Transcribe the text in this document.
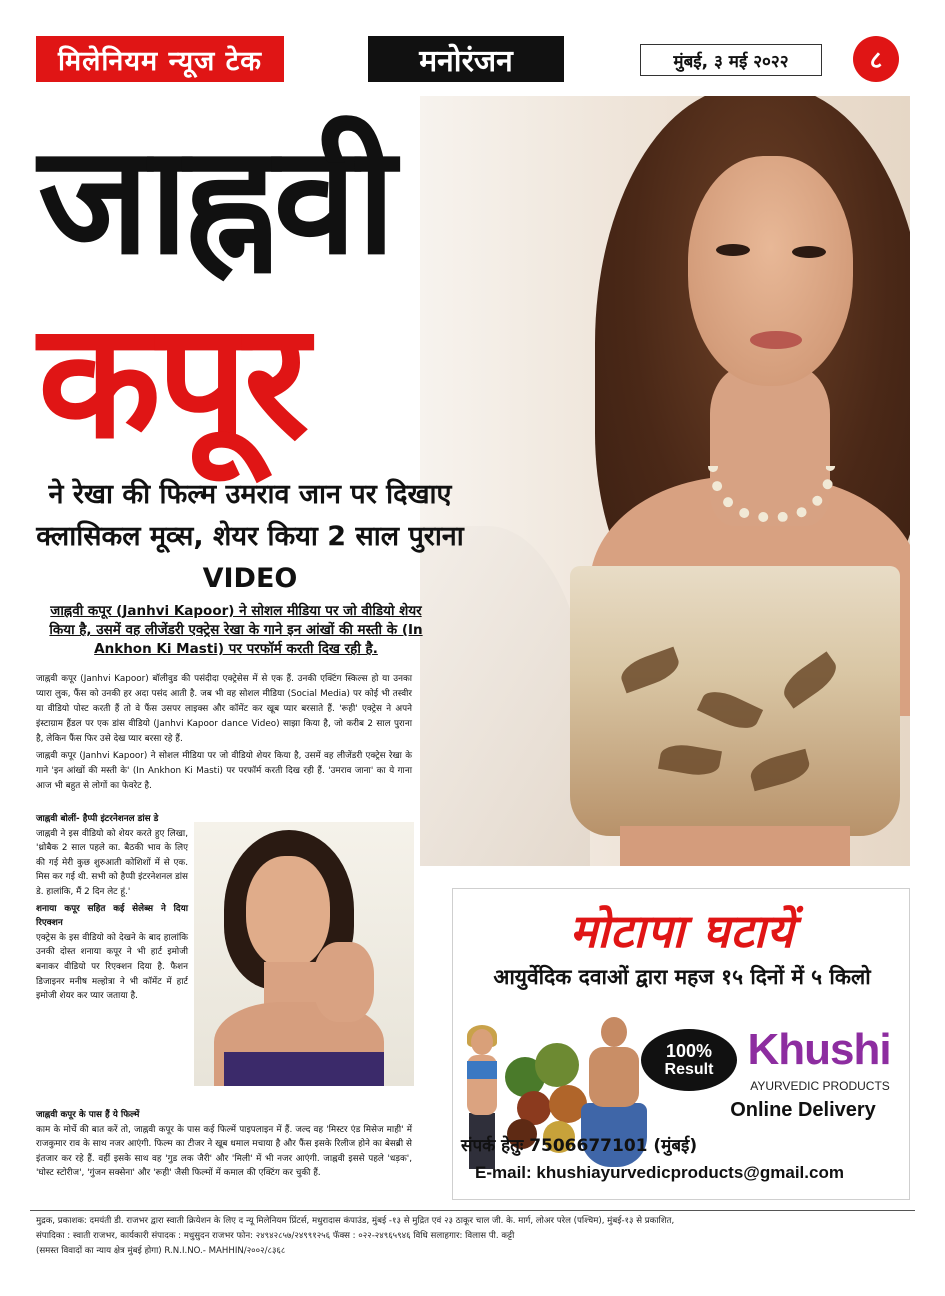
मिलेनियम न्यूज टेक	मनोरंजन	मुंबई, ३ मई २०२२	८
जाह्नवी
कपूर
ने रेखा की फिल्म उमराव जान पर दिखाए क्लासिकल मूव्स, शेयर किया 2 साल पुराना VIDEO
जाह्नवी कपूर (Janhvi Kapoor) ने सोशल मीडिया पर जो वीडियो शेयर किया है, उसमें वह लीजेंडरी एक्ट्रेस रेखा के गाने इन आंखों की मस्ती के (In Ankhon Ki Masti) पर परफॉर्म करती दिख रही है.

जाह्नवी कपूर (Janhvi Kapoor) बॉलीवुड की पसंदीदा एक्ट्रेसेस में से एक हैं. उनकी एक्टिंग स्किल्स हो या उनका प्यारा लुक, फैंस को उनकी हर अदा पसंद आती है. जब भी वह सोशल मीडिया (Social Media) पर कोई भी तस्वीर या वीडियो पोस्ट करती हैं तो वे फैंस उसपर लाइक्स और कॉमेंट कर खूब प्यार बरसाते हैं. 'रूही' एक्ट्रेस ने अपने इंस्टाग्राम हैंडल पर एक डांस वीडियो (Janhvi Kapoor dance Video) साझा किया है, जो करीब 2 साल पुराना है, लेकिन फैंस फिर उसे देख प्यार बरसा रहे हैं.

जाह्नवी कपूर (Janhvi Kapoor) ने सोशल मीडिया पर जो वीडियो शेयर किया है, उसमें वह लीजेंडरी एक्ट्रेस रेखा के गाने 'इन आंखों की मस्ती के' (In Ankhon Ki Masti) पर परफॉर्म करती दिख रही हैं. 'उमराव जाना' का ये गाना आज भी बहुत से लोगों का फेवरेट है.

जाह्नवी बोलीं- हैप्पी इंटरनेशनल डांस डे

जाह्नवी ने इस वीडियो को शेयर करते हुए लिखा, 'थ्रोबैक 2 साल पहले का. बैठकी भाव के लिए की गई मेरी कुछ शुरुआती कोशिशों में से एक. मिस कर गई थी. सभी को हैप्पी इंटरनेशनल डांस डे. हालांकि, मैं 2 दिन लेट हूं.'

शनाया कपूर सहित कई सेलेब्स ने दिया रिएक्शन

एक्ट्रेस के इस वीडियो को देखने के बाद हालांकि उनकी दोस्त शनाया कपूर ने भी हार्ट इमोजी बनाकर वीडियो पर रिएक्शन दिया है. फैशन डिजाइनर मनीष मल्होत्रा ने भी कॉमेंट में हार्ट इमोजी शेयर कर प्यार जताया है.

जाह्नवी कपूर के पास हैं ये फिल्में

काम के मोर्चे की बात करें तो, जाह्नवी कपूर के पास कई फिल्में पाइपलाइन में हैं. जल्द वह 'मिस्टर एंड मिसेज माही' में राजकुमार राव के साथ नजर आएंगी. फिल्म का टीजर ने खूब धमाल मचाया है और फैंस इसके रिलीज होने का बेसब्री से इंतजार कर रहे हैं. वहीं इसके साथ वह 'गुड लक जैरी' और 'मिली' में भी नजर आएंगी. जाह्नवी इससे पहले 'धड़क', 'घोस्ट स्टोरीज', 'गुंजन सक्सेना' और 'रूही' जैसी फिल्मों में कमाल की एक्टिंग कर चुकी हैं.

मोटापा घटायें
आयुर्वेदिक दवाओं द्वारा महज १५ दिनों में ५ किलो
100%
Result Khushi
AYURVEDIC PRODUCTS
Online Delivery
संपर्क हेतुः 7506677101 (मुंबई)
E-mail: khushiayurvedicproducts@gmail.com
मुद्रक, प्रकाशक: दमयंती डी. राजभर द्वारा स्वाती क्रियेशन के लिए द न्यू मिलेनियम प्रिंटर्स, मधुरादास कंपाउंड, मुंबई -१३ से मुद्रित एवं २३ ठाकूर चाल जी. के. मार्ग, लोअर परेल (पश्चिम), मुंबई-१३ से प्रकाशित,
संपादिका : स्वाती राजभर, कार्यकारी संपादक : मधुसुदन राजभर फोन: २४९४२८५७/२४९९१२५६ फॅक्स : ०२२-२४९६५९४६ विधि सलाहगार: विलास पी. कट्टी
(समस्त विवादों का न्याय क्षेत्र मुंबई होगा) R.N.I.NO.- MAHHIN/२००२/८३६८
